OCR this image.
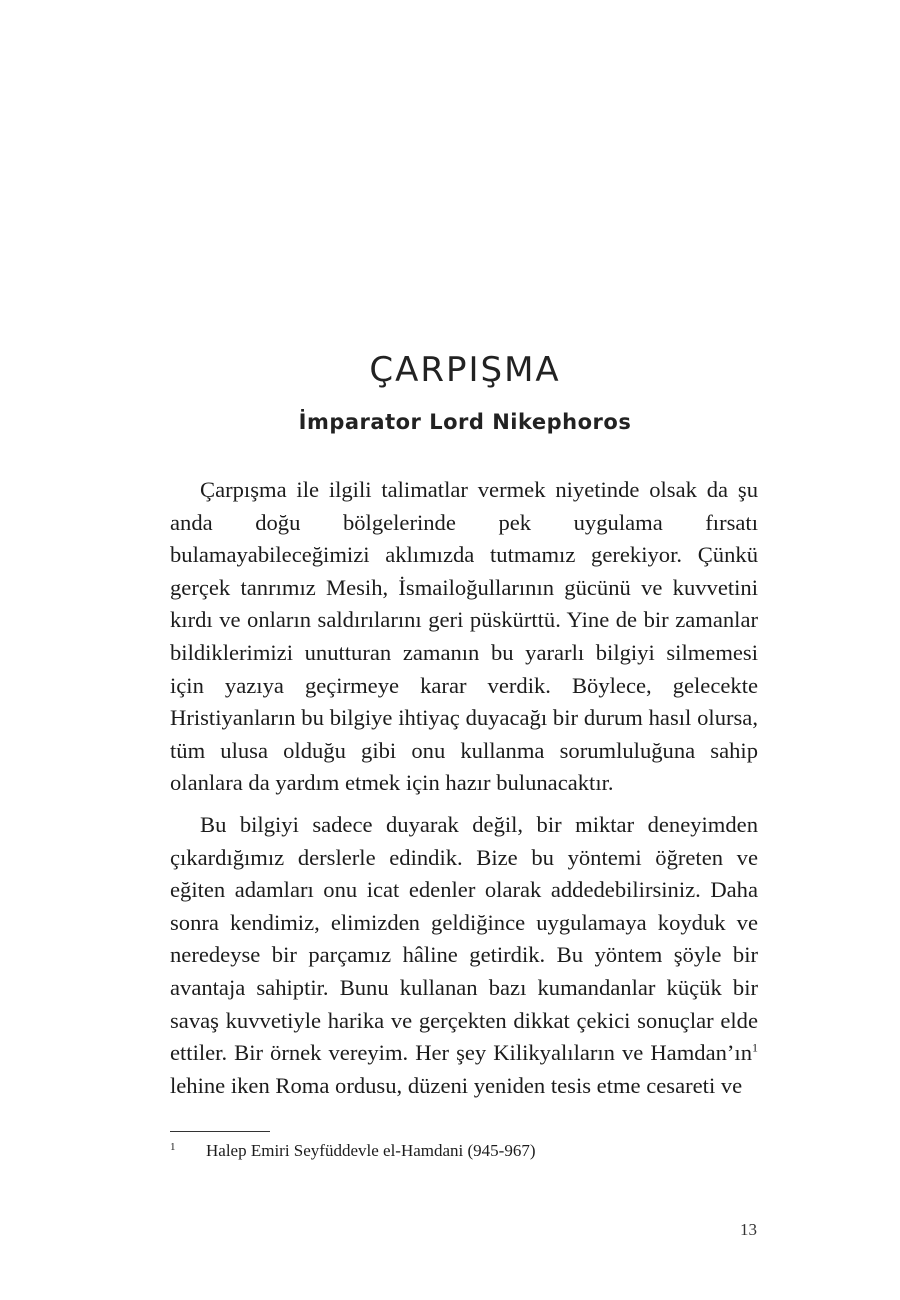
ÇARPIŞMA
İmparator Lord Nikephoros

Çarpışma ile ilgili talimatlar vermek niyetinde olsak da şu anda doğu bölgelerinde pek uygulama fırsatı bulamayabileceğimizi aklımızda tutmamız gerekiyor. Çünkü gerçek tanrımız Mesih, İsmailoğullarının gücünü ve kuvvetini kırdı ve onların saldırılarını geri püskürttü. Yine de bir zamanlar bildiklerimizi unutturan zamanın bu yararlı bilgiyi silmemesi için yazıya geçirmeye karar verdik. Böylece, gelecekte Hristiyanların bu bilgiye ihtiyaç duyacağı bir durum hasıl olursa, tüm ulusa olduğu gibi onu kullanma sorumluluğuna sahip olanlara da yardım etmek için hazır bulunacaktır.

Bu bilgiyi sadece duyarak değil, bir miktar deneyimden çıkardığımız derslerle edindik. Bize bu yöntemi öğreten ve eğiten adamları onu icat edenler olarak addedebilirsiniz. Daha sonra kendimiz, elimizden geldiğince uygulamaya koyduk ve neredeyse bir parçamız hâline getirdik. Bu yöntem şöyle bir avantaja sahiptir. Bunu kullanan bazı kumandanlar küçük bir savaş kuvvetiyle harika ve gerçekten dikkat çekici sonuçlar elde ettiler. Bir örnek vereyim. Her şey Kilikyalıların ve Hamdan’ın$^1$ lehine iken Roma ordusu, düzeni yeniden tesis etme cesareti ve

1 Halep Emiri Seyfüddevle el-Hamdani (945-967)
13
